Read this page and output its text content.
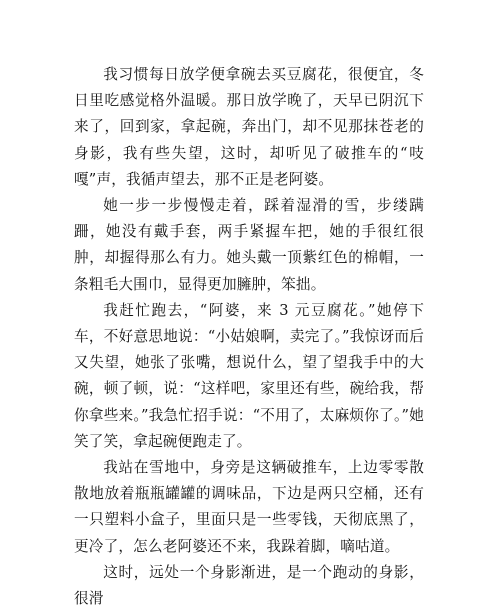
我习惯每日放学便拿碗去买豆腐花，很便宜，冬日里吃感觉格外温暖。那日放学晚了，天早已阴沉下来了，回到家，拿起碗，奔出门，却不见那抹苍老的身影，我有些失望，这时，却听见了破推车的“吱嘎”声，我循声望去，那不正是老阿婆。

她一步一步慢慢走着，踩着湿滑的雪，步缕蹒跚，她没有戴手套，两手紧握车把，她的手很红很肿，却握得那么有力。她头戴一顶紫红色的棉帽，一条粗毛大围巾，显得更加臃肿，笨拙。

我赶忙跑去，“阿婆，来 3 元豆腐花。”她停下车，不好意思地说：“小姑娘啊，卖完了。”我惊讶而后又失望，她张了张嘴，想说什么，望了望我手中的大碗，顿了顿，说：“这样吧，家里还有些，碗给我，帮你拿些来。”我急忙招手说：“不用了，太麻烦你了。”她笑了笑，拿起碗便跑走了。

我站在雪地中，身旁是这辆破推车，上边零零散散地放着瓶瓶罐罐的调味品，下边是两只空桶，还有一只塑料小盒子，里面只是一些零钱，天彻底黑了，更冷了，怎么老阿婆还不来，我跺着脚，嘀咕道。

这时，远处一个身影渐进，是一个跑动的身影，很滑
